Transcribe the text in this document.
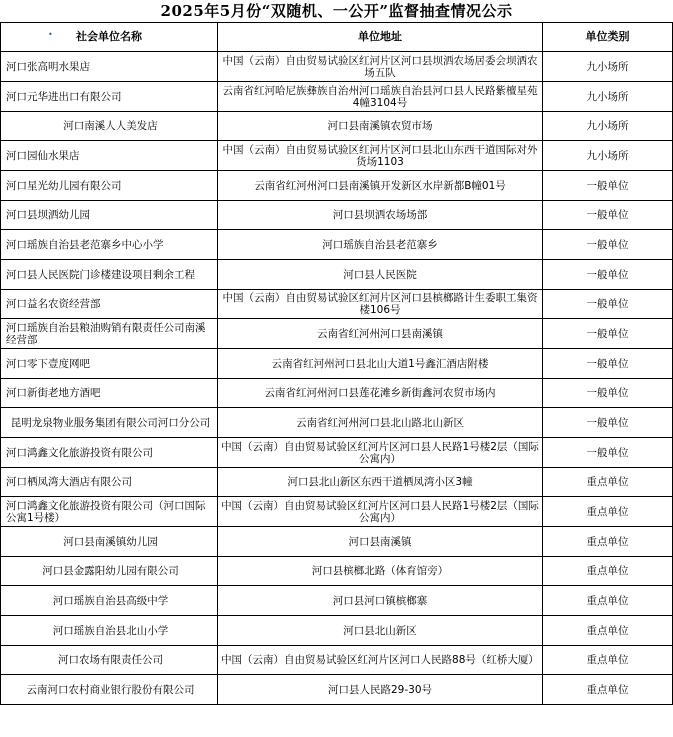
2025年5月份“双随机、一公开”监督抽查情况公示
• 社会单位名称	单位地址	单位类别
河口张高明水果店	中国（云南）自由贸易试验区红河片区河口县坝洒农场居委会坝洒农场五队	九小场所
河口元华进出口有限公司	云南省红河哈尼族彝族自治州河口瑶族自治县河口县人民路紫檀星苑4幢3104号	九小场所
河口南溪人人美发店	河口县南溪镇农贸市场	九小场所
河口园仙水果店	中国（云南）自由贸易试验区红河片区河口县北山东西干道国际对外货场1103	九小场所
河口星光幼儿园有限公司	云南省红河州河口县南溪镇开发新区水岸新都B幢01号	一般单位
河口县坝洒幼儿园	河口县坝洒农场场部	一般单位
河口瑶族自治县老范寨乡中心小学	河口瑶族自治县老范寨乡	一般单位
河口县人民医院门诊楼建设项目剩余工程	河口县人民医院	一般单位
河口益名农资经营部	中国（云南）自由贸易试验区红河片区河口县槟榔路计生委职工集资楼106号	一般单位
河口瑶族自治县粮油购销有限责任公司南溪经营部	云南省红河州河口县南溪镇	一般单位
河口零下壹度网吧	云南省红河州河口县北山大道1号鑫汇酒店附楼	一般单位
河口新街老地方酒吧	云南省红河州河口县莲花滩乡新街鑫河农贸市场内	一般单位
昆明龙泉物业服务集团有限公司河口分公司	云南省红河州河口县北山路北山新区	一般单位
河口鸿鑫文化旅游投资有限公司	中国（云南）自由贸易试验区红河片区河口县人民路1号楼2层（国际公寓内）	一般单位
河口栖凤湾大酒店有限公司	河口县北山新区东西干道栖凤湾小区3幢	重点单位
河口鸿鑫文化旅游投资有限公司（河口国际公寓1号楼）	中国（云南）自由贸易试验区红河片区河口县人民路1号楼2层（国际公寓内）	重点单位
河口县南溪镇幼儿园	河口县南溪镇	重点单位
河口县金露阳幼儿园有限公司	河口县槟榔北路（体育馆旁）	重点单位
河口瑶族自治县高级中学	河口县河口镇槟榔寨	重点单位
河口瑶族自治县北山小学	河口县北山新区	重点单位
河口农场有限责任公司	中国（云南）自由贸易试验区红河片区河口人民路88号（红桥大厦）	重点单位
云南河口农村商业银行股份有限公司	河口县人民路29-30号	重点单位
